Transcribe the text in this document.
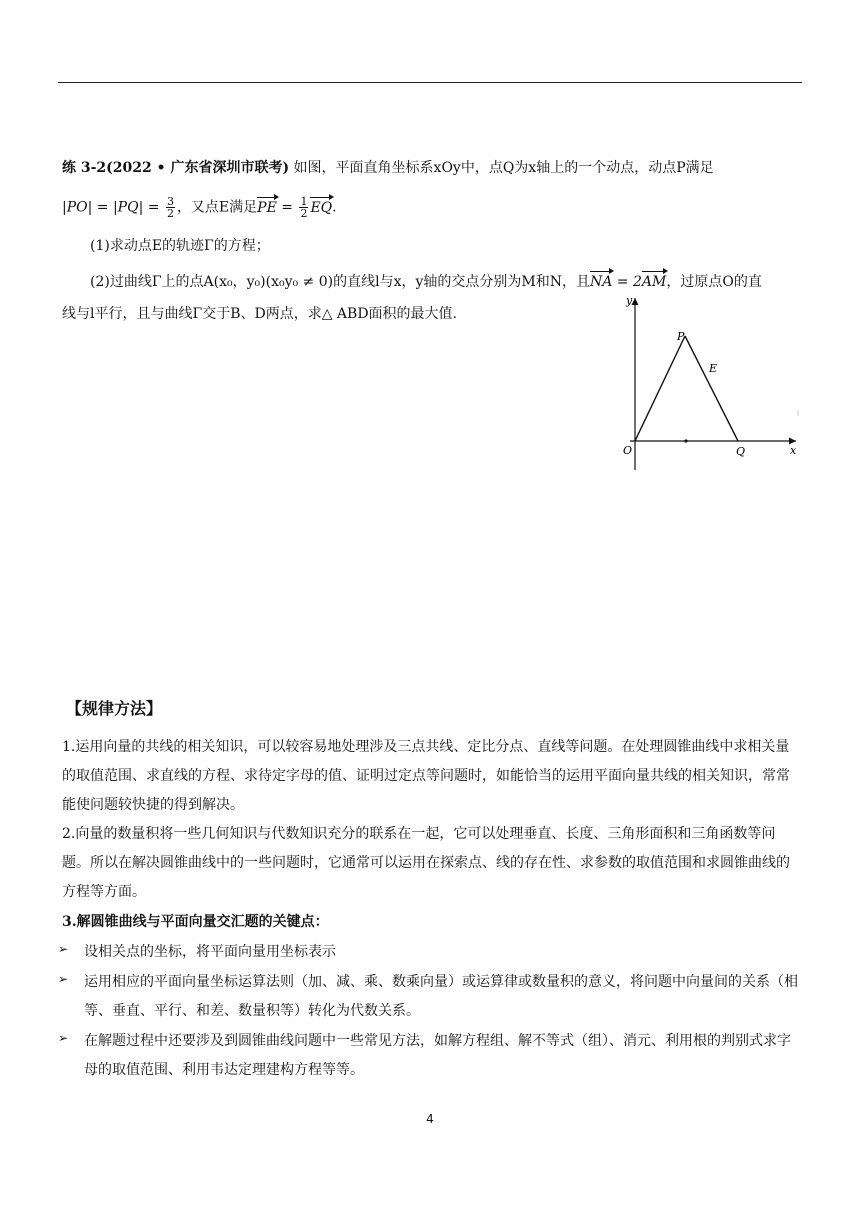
练 3-2(2022 • 广东省深圳市联考) 如图，平面直角坐标系xOy中，点Q为x轴上的一个动点，动点P满足
$|PO| = |PQ| = \frac{3}{2}$ ，又点E满足PE = $\frac{1}{2}$ EQ.
(1)求动点E的轨迹Γ的方程；
(2)过曲线Γ上的点A(x₀，y₀)(x₀y₀ ≠ 0)的直线l与x，y轴的交点分别为M和N，且NA = 2AM，过原点O的直
线与l平行，且与曲线Γ交于B、D两点，求△ ABD面积的最大值.
y
x
P
E
O	Q
【规律方法】
1.运用向量的共线的相关知识，可以较容易地处理涉及三点共线、定比分点、直线等问题。在处理圆锥曲线中求相关量的取值范围、求直线的方程、求待定字母的值、证明过定点等问题时，如能恰当的运用平面向量共线的相关知识，常常能使问题较快捷的得到解决。
2.向量的数量积将一些几何知识与代数知识充分的联系在一起，它可以处理垂直、长度、三角形面积和三角函数等问题。所以在解决圆锥曲线中的一些问题时，它通常可以运用在探索点、线的存在性、求参数的取值范围和求圆锥曲线的方程等方面。
3.解圆锥曲线与平面向量交汇题的关键点：
➢ 设相关点的坐标，将平面向量用坐标表示
➢ 运用相应的平面向量坐标运算法则（加、减、乘、数乘向量）或运算律或数量积的意义，将问题中向量间的关系（相等、垂直、平行、和差、数量积等）转化为代数关系。
➢ 在解题过程中还要涉及到圆锥曲线问题中一些常见方法，如解方程组、解不等式（组）、消元、利用根的判别式求字母的取值范围、利用韦达定理建构方程等等。
4
